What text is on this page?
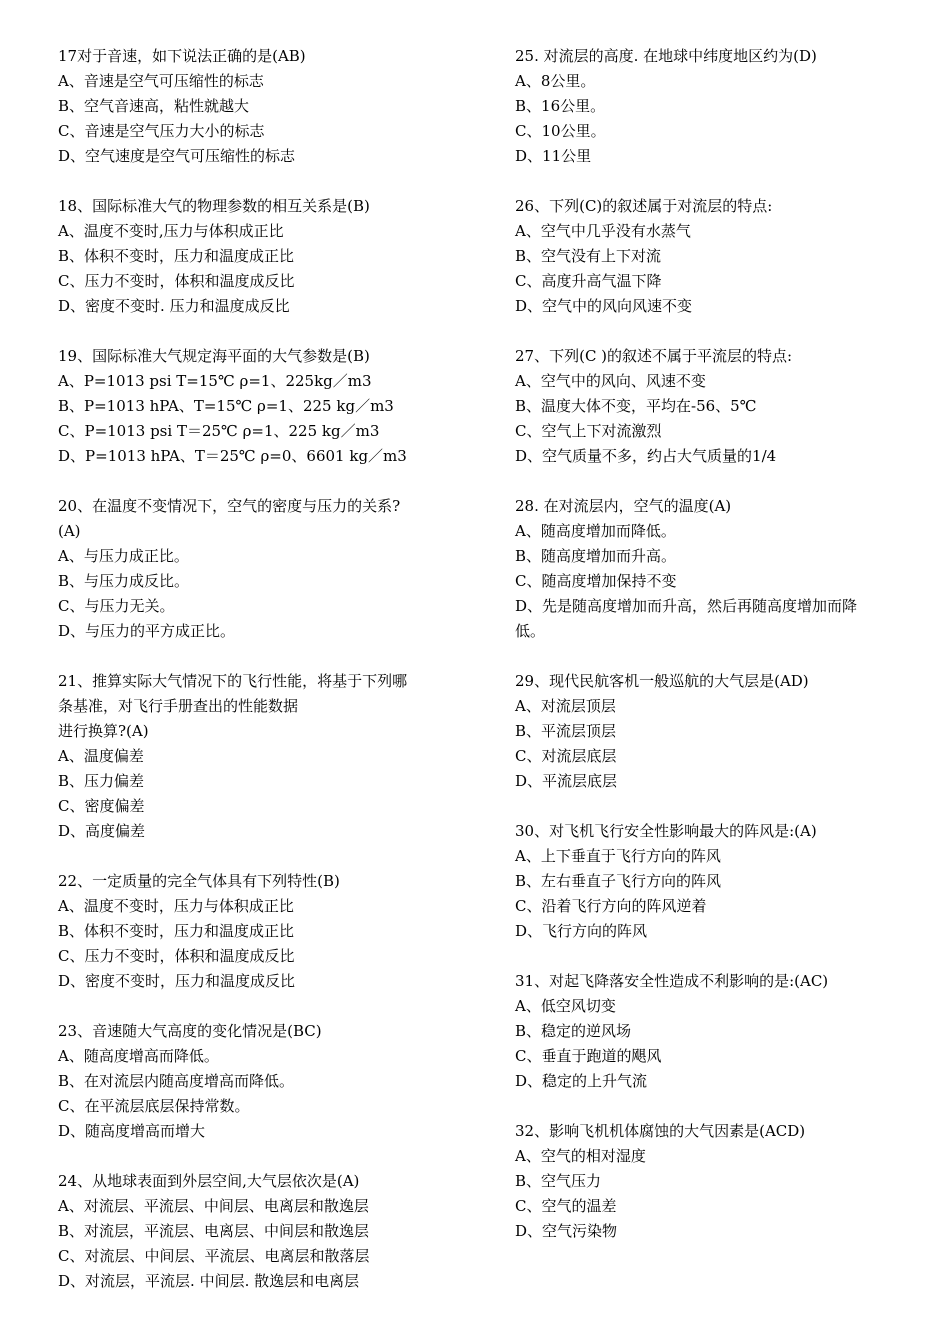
17对于音速，如下说法正确的是(AB)
A、音速是空气可压缩性的标志
B、空气音速高，粘性就越大
C、音速是空气压力大小的标志
D、空气速度是空气可压缩性的标志
18、国际标准大气的物理参数的相互关系是(B)
A、温度不变时,压力与体积成正比
B、体积不变时，压力和温度成正比
C、压力不变时，体积和温度成反比
D、密度不变时. 压力和温度成反比
19、国际标准大气规定海平面的大气参数是(B)
A、P=1013 psi T=15℃ ρ=1、225kg／m3
B、P=1013 hPA、T=15℃ ρ=1、225 kg／m3
C、P=1013 psi T＝25℃ ρ=1、225 kg／m3
D、P=1013 hPA、T＝25℃ ρ=0、6601 kg／m3
20、在温度不变情况下，空气的密度与压力的关系?
(A)
A、与压力成正比。
B、与压力成反比。
C、与压力无关。
D、与压力的平方成正比。
21、推算实际大气情况下的飞行性能，将基于下列哪
条基准，对飞行手册查出的性能数据
进行换算?(A)
A、温度偏差
B、压力偏差
C、密度偏差
D、高度偏差
22、一定质量的完全气体具有下列特性(B)
A、温度不变时，压力与体积成正比
B、体积不变时，压力和温度成正比
C、压力不变时，体积和温度成反比
D、密度不变时，压力和温度成反比
23、音速随大气高度的变化情况是(BC)
A、随高度增高而降低。
B、在对流层内随高度增高而降低。
C、在平流层底层保持常数。
D、随高度增高而增大
24、从地球表面到外层空间,大气层依次是(A)
A、对流层、平流层、中间层、电离层和散逸层
B、对流层，平流层、电离层、中间层和散逸层
C、对流层、中间层、平流层、电离层和散落层
D、对流层，平流层. 中间层. 散逸层和电离层
25. 对流层的高度. 在地球中纬度地区约为(D)
A、8公里。
B、16公里。
C、10公里。
D、11公里
26、下列(C)的叙述属于对流层的特点:
A、空气中几乎没有水蒸气
B、空气没有上下对流
C、高度升高气温下降
D、空气中的风向风速不变
27、下列(C )的叙述不属于平流层的特点:
A、空气中的风向、风速不变
B、温度大体不变，平均在-56、5℃
C、空气上下对流激烈
D、空气质量不多，约占大气质量的1/4
28. 在对流层内，空气的温度(A)
A、随高度增加而降低。
B、随高度增加而升高。
C、随高度增加保持不变
D、先是随高度增加而升高，然后再随高度增加而降
低。
29、现代民航客机一般巡航的大气层是(AD)
A、对流层顶层
B、平流层顶层
C、对流层底层
D、平流层底层
30、对飞机飞行安全性影响最大的阵风是:(A)
A、上下垂直于飞行方向的阵风
B、左右垂直子飞行方向的阵风
C、沿着飞行方向的阵风逆着
D、飞行方向的阵风
31、对起飞降落安全性造成不利影响的是:(AC)
A、低空风切变
B、稳定的逆风场
C、垂直于跑道的飓风
D、稳定的上升气流
32、影响飞机机体腐蚀的大气因素是(ACD)
A、空气的相对湿度
B、空气压力
C、空气的温差
D、空气污染物
